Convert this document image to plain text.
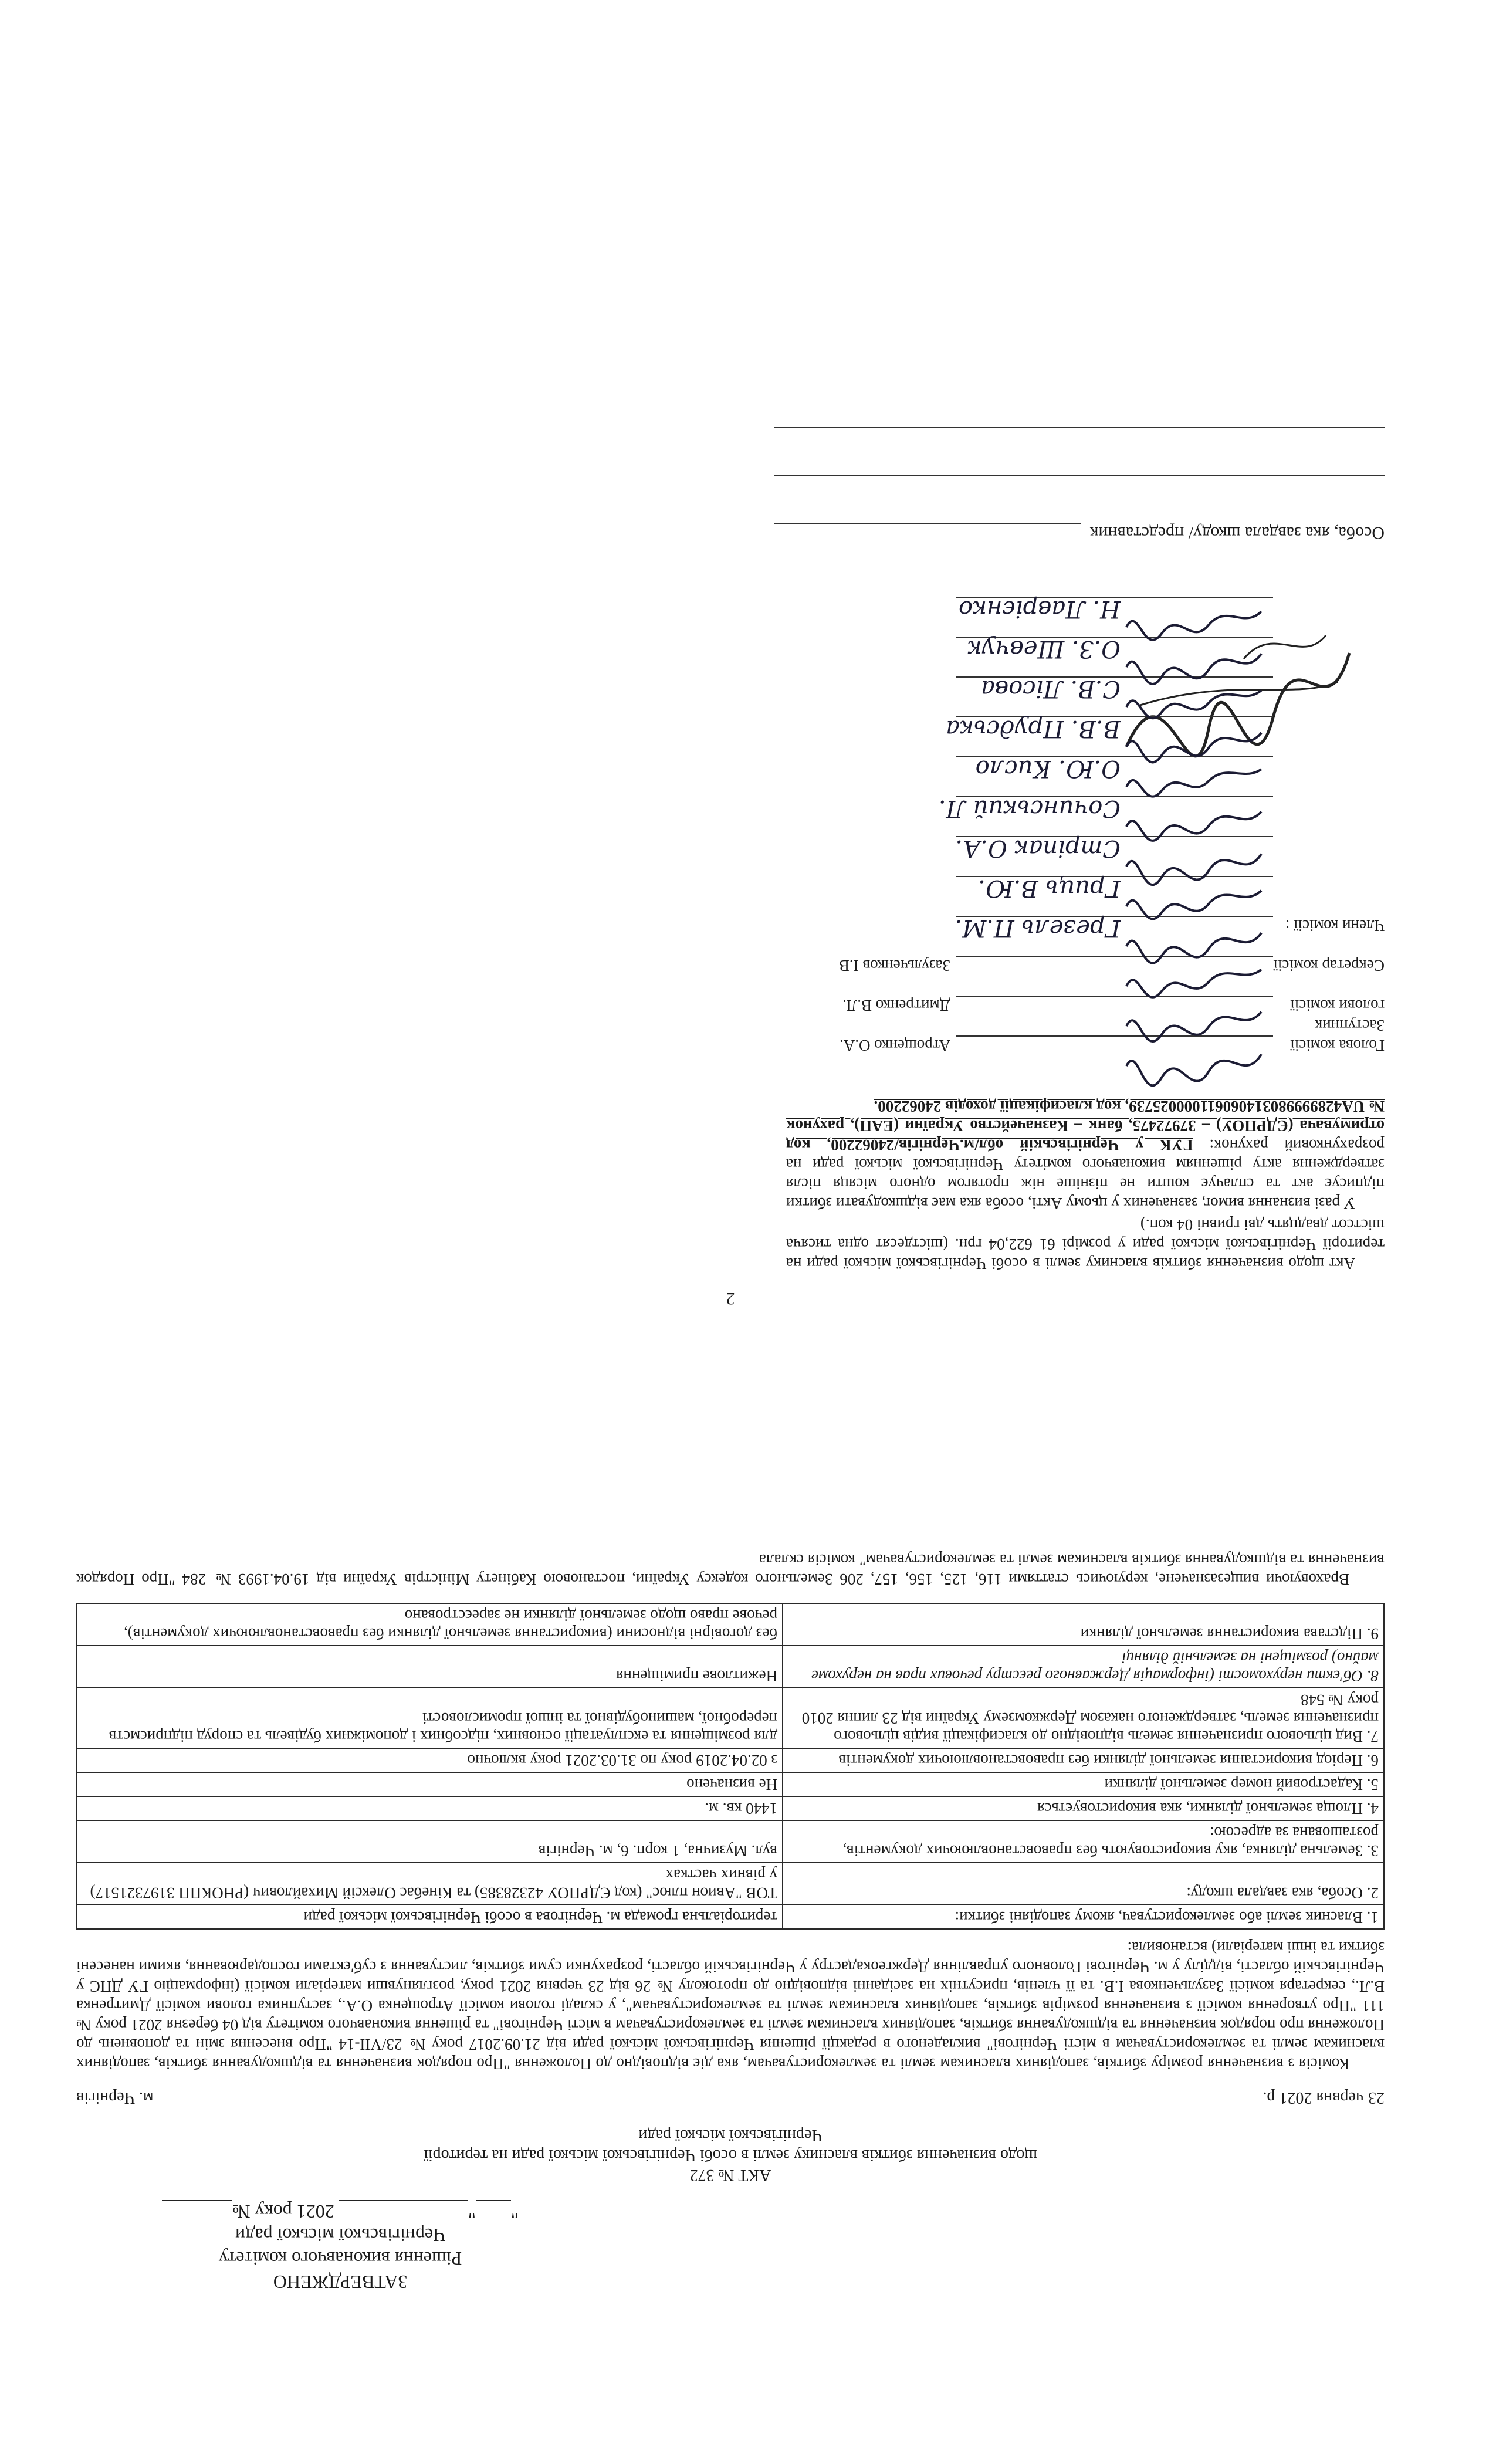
ЗАТВЕРДЖЕНО
Рішення виконавчого комітету
Чернігівської міської ради
"" 2021 року №
АКТ № 372
щодо визначення збитків власнику землі в особі Чернігівської міської ради на території
Чернігівської міської ради
23 червня 2021 р.
м. Чернігів

Комісія з визначення розміру збитків, заподіяних власникам землі та землекористувачам, яка діє відповідно до Положення "Про порядок визначення та відшкодування збитків, заподіяних власникам землі та землекористувачам в місті Чернігові" викладеного в редакції рішення Чернігівської міської ради від 21.09.2017 року № 23/VII-14 "Про внесення змін та доповнень до Положення про порядок визначення та відшкодування збитків, заподіяних власникам землі та землекористувачам в місті Чернігові" та рішення виконавчого комітету від 04 березня 2021 року № 111 "Про утворення комісії з визначення розмірів збитків, заподіяних власникам землі та землекористувачам", у складі голови комісії Атрощенка О.А., заступника голови комісії Дмитренка В.Л., секретаря комісії Зазульченкова І.В. та її членів, присутніх на засіданні відповідно до протоколу № 26 від 23 червня 2021 року, розглянувши матеріали комісії (інформацію ГУ ДПС у Чернігівській області, відділу у м. Чернігові Головного управління Держгеокадастру у Чернігівській області, розрахунки суми збитків, листування з суб'єктами господарювання, якими нанесені збитки та інші матеріали) встановила:

1. Власник землі або землекористувач, якому заподіяні збитки:	територіальна громада м. Чернігова в особі Чернігівської міської ради
2. Особа, яка завдала шкоду:	ТОВ "Авион плюс" (код ЄДРПОУ 42328385) та Кінебас Олексій Михайлович (РНОКПП 3197321517) у рівних частках
3. Земельна ділянка, яку використовують без правовстановлюючих документів, розташована за адресою:	вул. Музична, 1 корп. 6, м. Чернігів
4. Площа земельної ділянки, яка використовується	1440 кв. м.
5. Кадастровий номер земельної ділянки	Не визначено
6. Період використання земельної ділянки без правовстановлюючих документів	з 02.04.2019 року по 31.03.2021 року включно
7. Вид цільового призначення земель відповідно до класифікації видів цільового призначення земель, затвердженого наказом Держкомзему України від 23 липня 2010 року № 548	для розміщення та експлуатації основних, підсобних і допоміжних будівель та споруд підприємств переробної, машинобудівної та іншої промисловості
8. Об'єкти нерухомості (інформація Державного реєстру речових прав на нерухоме майно) розміщені на земельній ділянці	Нежитлове приміщення
9. Підстава використання земельної ділянки	без договірні відносини (використання земельної ділянки без правовстановлюючих документів), речове право щодо земельної ділянки не зареєстровано

Враховуючи вищезазначене, керуючись статтями 116, 125, 156, 157, 206 Земельного кодексу України, постановою Кабінету Міністрів України від 19.04.1993 № 284 "Про Порядок визначення та відшкодування збитків власникам землі та землекористувачам" комісія склала

2

Акт щодо визначення збитків власнику землі в особі Чернігівської міської ради на території Чернігівської міської ради у розмірі 61 622,04 грн. (шістдесят одна тисяча шістсот двадцять дві гривні 04 коп.)

У разі визнання вимог, зазначених у цьому Акті, особа яка має відшкодувати збитки підписує акт та сплачує кошти не пізніше ніж протягом одного місяця після затвердження акту рішенням виконавчого комітету Чернігівської міської ради на розрахунковий рахунок: ГУК у Чернігівській обл/м.Чернігів/24062200, код отримувача (ЄДРПОУ) – 37972475, банк – Казначейство України (ЕАП), рахунок № UA428999980314060611000025739, код класифікації доходів 24062200.

Голова комісії
Атрощенко О.А.
Заступник голови комісії
Дмитренко В.Л.
Секретар комісії
Зазульченков І.В
Члени комісії :
Грезель П.М.
Гриць В.Ю.
Стріпак О.А.
Сочинський Л.
О.Ю. Кисло
В.В. Прудська
С.В. Лісова
О.З. Шевчук
Н. Лаврієнко
Особа, яка завдала шкоду/ представник
